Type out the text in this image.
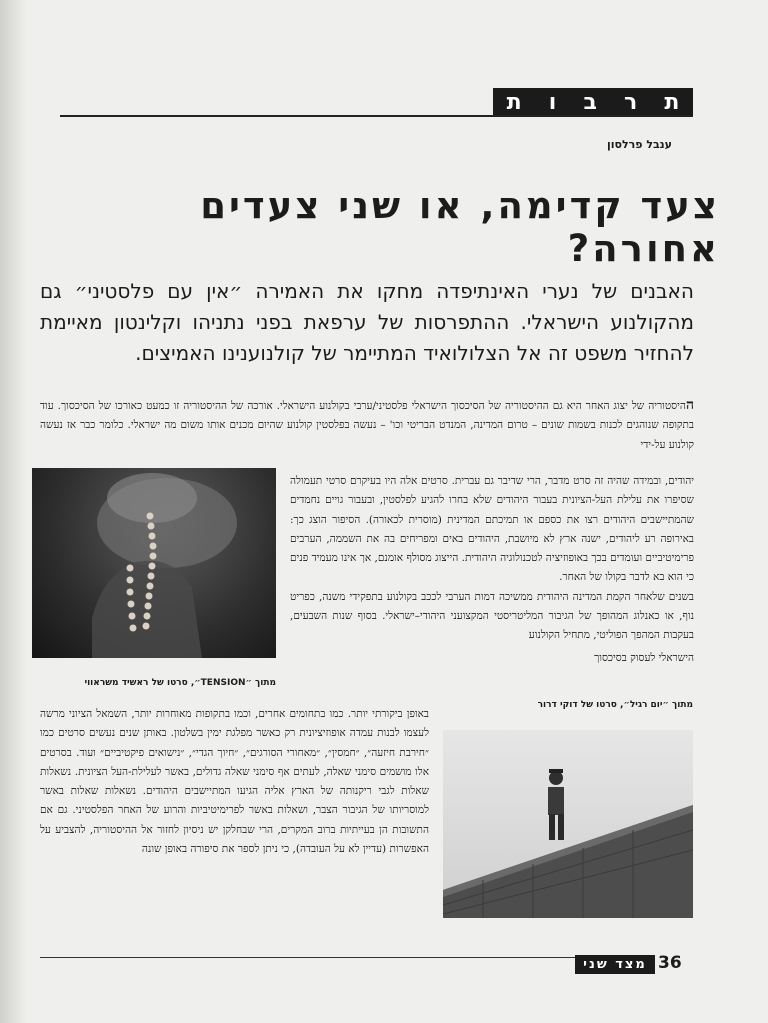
ת
ר
ב
ו
ת
ענבל פרלסון
צעד קדימה, או שני צעדים אחורה?
האבנים של נערי האינתיפדה מחקו את האמירה ״אין עם פלסטיני״ גם מהקולנוע הישראלי. ההתפרסות של ערפאת בפני נתניהו וקלינטון מאיימת להחזיר משפט זה אל הצלולואיד המתיימר של קולנוענינו האמיצים.

ההיסטוריה של יצוג האחר היא גם ההיסטוריה של הסיכסוך הישראלי פלסטיני/ערבי בקולנוע הישראלי. אורכה של ההיסטוריה זו כמעט כאורכו של הסיכסוך. עוד בתקופה שנוהגים לכנות בשמות שונים – טרום המדינה, המנדט הבריטי וכו' – נעשה בפלסטין קולנוע שהיום מכנים אותו משום מה ישראלי. כלומר כבר אז נעשה קולנוע על-ידי

מתוך ״TENSION״, סרטו של ראשיד משראווי

יהודים, ובמידה שהיה זה סרט מדבר, הרי שדיבר גם עברית. סרטים אלה היו בעיקרם סרטי תעמולה שסיפרו את עלילת העל-הציונית בעבור היהודים שלא בחרו להגיע לפלסטין, ובעבור גויים נחמדים שהמתיישבים היהודים רצו את כספם או תמיכתם המדינית (מוסרית לכאורה). הסיפור הוצג כך: באירופה רע ליהודים, ישנה ארץ לא מיושבת, היהודים באים ומפריחים בה את השממה, הערבים פרימיטיביים ועומדים בכך באופוזיציה לטכנולוגיה היהודית. הייצוג מסולף אומנם, אך אינו מעמיד פנים כי הוא בא לדבר בקולו של האחר.

בשנים שלאחר הקמת המדינה היהודית ממשיכה דמות הערבי לככב בקולנוע בתפקידי משנה, כפריט נוף, או כאנלוג המהופך של הגיבור המליטריסטי המקצועני היהודי–ישראלי. בסוף שנות השבעים, בעקבות המהפך הפוליטי, מתחיל הקולנוע

הישראלי לעסוק בסיכסוך

מתוך ״יום רגיל״, סרטו של דוקי דרור

באופן ביקורתי יותר. כמו בתחומים אחרים, וכמו בתקופות מאוחרות יותר, השמאל הציוני מרשה לעצמו לבנות עמדה אופוזיציונית רק כאשר מפלגת ימין בשלטון. באותן שנים נעשים סרטים כמו ״חירבת חיזעה״, ״חמסין״, ״מאחורי הסורגים״, ״חיוך הגדי״, ״נישואים פיקטיביים״ ועוד. בסרטים אלו מושמים סימני שאלה, לעתים אף סימני שאלה גדולים, באשר לעלילת-העל הציונית. נשאלות שאלות לגבי ריקנותה של הארץ אליה הגיעו המתיישבים היהודים. נשאלות שאלות באשר למוסריותו של הגיבור הצבר, ושאלות באשר לפרימיטיביות והרוע של האחר הפלסטיני. גם אם התשובות הן בעייתיות ברוב המקרים, הרי שבחלקן יש ניסיון לחזור אל ההיסטוריה, להצביע על האפשרות (עדיין לא על העובדה), כי ניתן לספר את סיפורה באופן שונה

מצד שני 36
